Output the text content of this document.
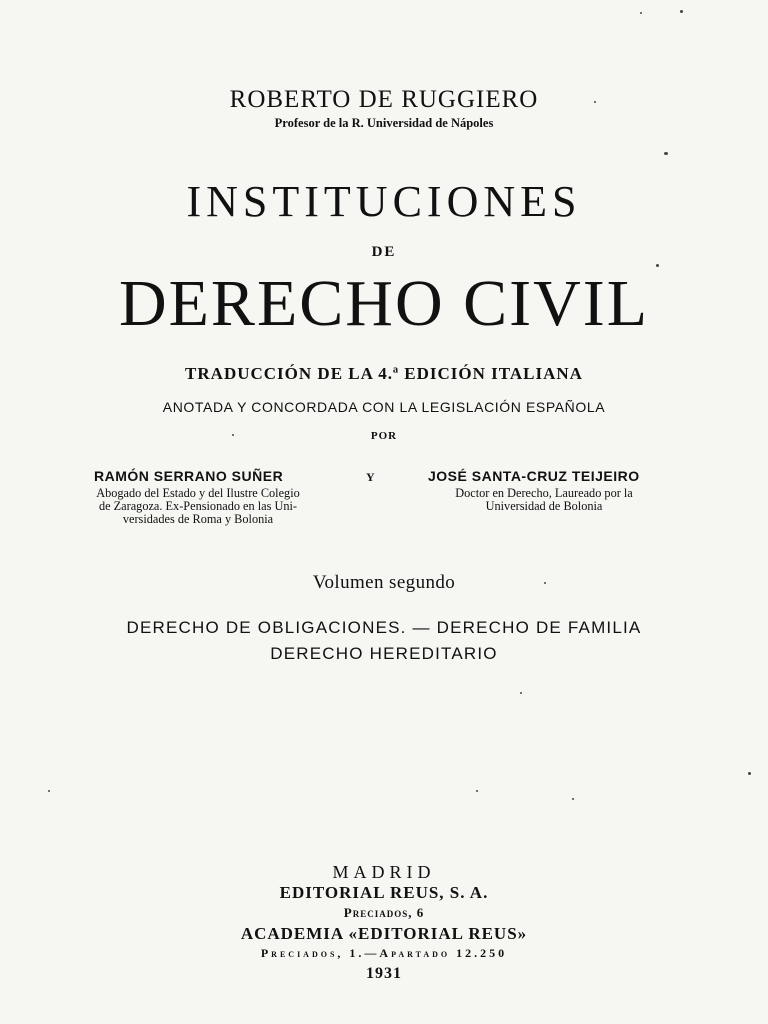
ROBERTO DE RUGGIERO
Profesor de la R. Universidad de Nápoles
INSTITUCIONES
DE
DERECHO CIVIL
TRADUCCIÓN DE LA 4.ª EDICIÓN ITALIANA
ANOTADA Y CONCORDADA CON LA LEGISLACIÓN ESPAÑOLA
POR
RAMÓN SERRANO SUÑER	Y	JOSÉ SANTA-CRUZ TEIJEIRO
Abogado del Estado y del Ilustre Colegio
de Zaragoza. Ex-Pensionado en las Uni-
versidades de Roma y Bolonia
Doctor en Derecho, Laureado por la
Universidad de Bolonia
Volumen segundo
DERECHO DE OBLIGACIONES. — DERECHO DE FAMILIA
DERECHO HEREDITARIO
MADRID
EDITORIAL REUS, S. A.
Preciados, 6
ACADEMIA «EDITORIAL REUS»
Preciados, 1.—Apartado 12.250
1931
